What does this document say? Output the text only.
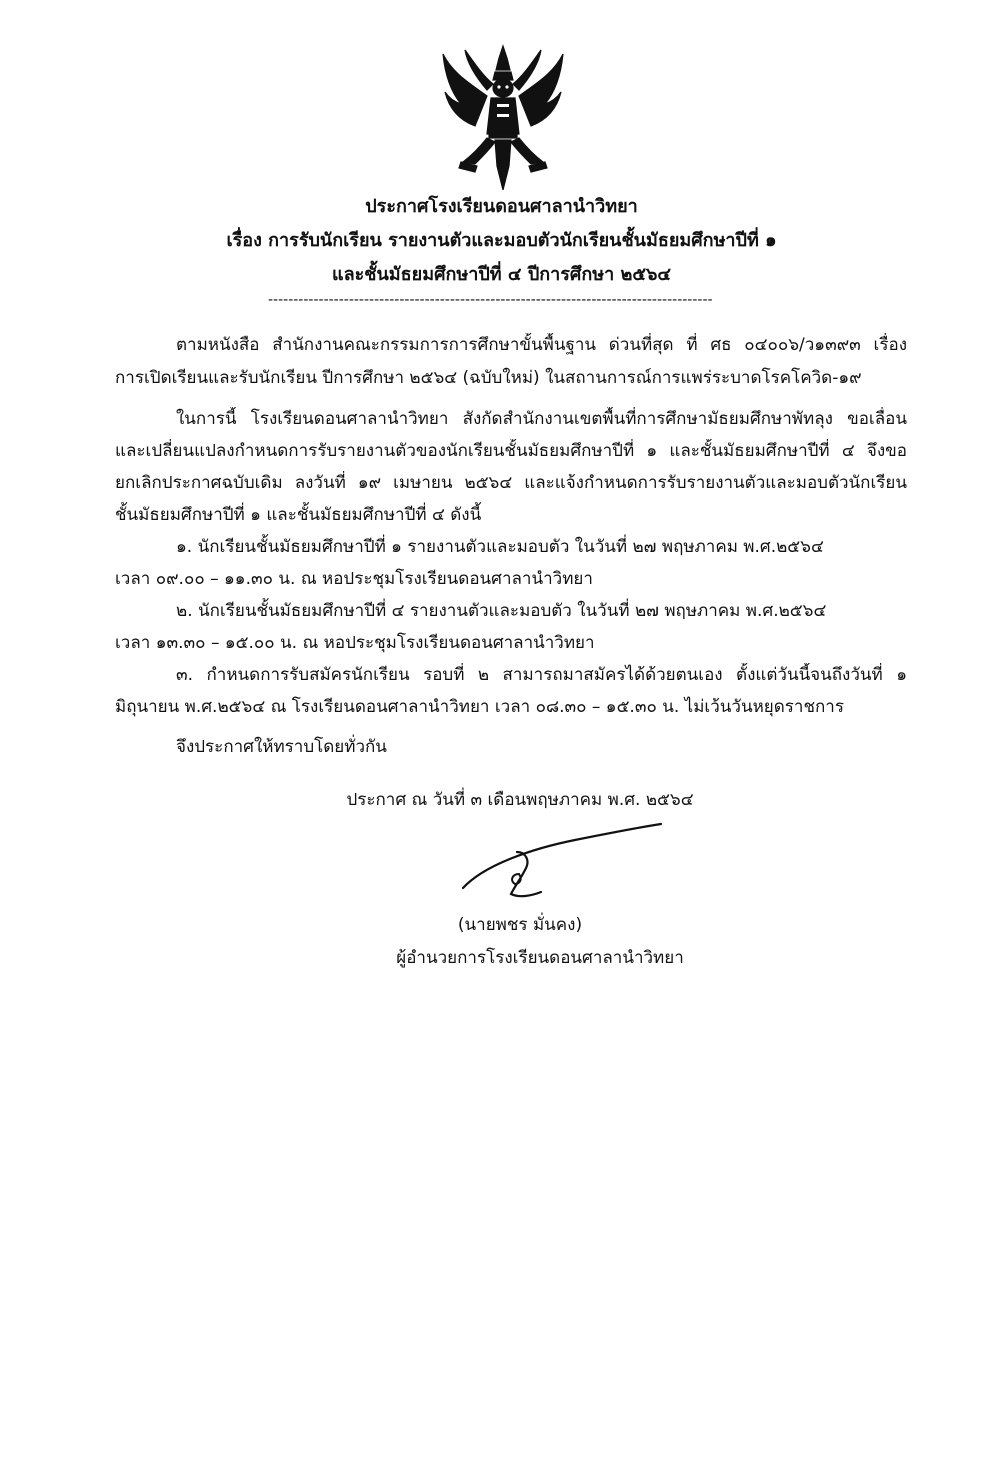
ประกาศโรงเรียนดอนศาลานำวิทยา
เรื่อง การรับนักเรียน รายงานตัวและมอบตัวนักเรียนชั้นมัธยมศึกษาปีที่ ๑
และชั้นมัธยมศึกษาปีที่ ๔ ปีการศึกษา ๒๕๖๔
----------------------------------------------------------------------------------------
ตามหนังสือ สำนักงานคณะกรรมการการศึกษาขั้นพื้นฐาน ด่วนที่สุด ที่ ศธ ๐๔๐๐๖/ว๑๓๙๓ เรื่อง
การเปิดเรียนและรับนักเรียน ปีการศึกษา ๒๕๖๔ (ฉบับใหม่) ในสถานการณ์การแพร่ระบาดโรคโควิด-๑๙
ในการนี้ โรงเรียนดอนศาลานำวิทยา สังกัดสำนักงานเขตพื้นที่การศึกษามัธยมศึกษาพัทลุง ขอเลื่อน
และเปลี่ยนแปลงกำหนดการรับรายงานตัวของนักเรียนชั้นมัธยมศึกษาปีที่ ๑ และชั้นมัธยมศึกษาปีที่ ๔ จึงขอ
ยกเลิกประกาศฉบับเดิม ลงวันที่ ๑๙ เมษายน ๒๕๖๔ และแจ้งกำหนดการรับรายงานตัวและมอบตัวนักเรียน
ชั้นมัธยมศึกษาปีที่ ๑ และชั้นมัธยมศึกษาปีที่ ๔ ดังนี้
๑. นักเรียนชั้นมัธยมศึกษาปีที่ ๑ รายงานตัวและมอบตัว ในวันที่ ๒๗ พฤษภาคม พ.ศ.๒๕๖๔
เวลา ๐๙.๐๐ – ๑๑.๓๐ น. ณ หอประชุมโรงเรียนดอนศาลานำวิทยา
๒. นักเรียนชั้นมัธยมศึกษาปีที่ ๔ รายงานตัวและมอบตัว ในวันที่ ๒๗ พฤษภาคม พ.ศ.๒๕๖๔
เวลา ๑๓.๓๐ – ๑๕.๐๐ น. ณ หอประชุมโรงเรียนดอนศาลานำวิทยา
๓. กำหนดการรับสมัครนักเรียน รอบที่ ๒ สามารถมาสมัครได้ด้วยตนเอง ตั้งแต่วันนี้จนถึงวันที่ ๑
มิถุนายน พ.ศ.๒๕๖๔ ณ โรงเรียนดอนศาลานำวิทยา เวลา ๐๘.๓๐ – ๑๕.๓๐ น. ไม่เว้นวันหยุดราชการ
จึงประกาศให้ทราบโดยทั่วกัน
ประกาศ ณ วันที่ ๓ เดือนพฤษภาคม พ.ศ. ๒๕๖๔
(นายพชร มั่นคง)
ผู้อำนวยการโรงเรียนดอนศาลานำวิทยา
